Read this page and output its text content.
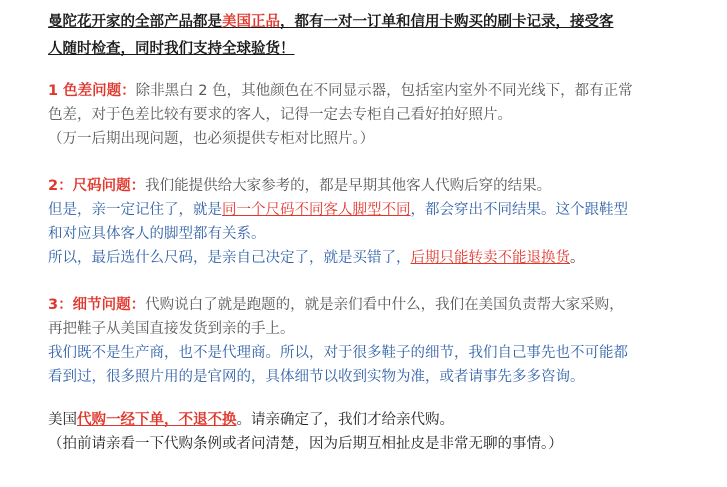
曼陀花开家的全部产品都是美国正品，都有一对一订单和信用卡购买的刷卡记录，接受客
人随时检查，同时我们支持全球验货！
1 色差问题：除非黑白 2 色，其他颜色在不同显示器，包括室内室外不同光线下，都有正常
色差，对于色差比较有要求的客人，记得一定去专柜自己看好拍好照片。
（万一后期出现问题，也必须提供专柜对比照片。）
2：尺码问题：我们能提供给大家参考的，都是早期其他客人代购后穿的结果。
但是，亲一定记住了，就是同一个尺码不同客人脚型不同，都会穿出不同结果。这个跟鞋型
和对应具体客人的脚型都有关系。
所以，最后选什么尺码，是亲自己决定了，就是买错了，后期只能转卖不能退换货。
3：细节问题：代购说白了就是跑题的，就是亲们看中什么，我们在美国负责帮大家采购，
再把鞋子从美国直接发货到亲的手上。
我们既不是生产商，也不是代理商。所以，对于很多鞋子的细节，我们自己事先也不可能都
看到过，很多照片用的是官网的，具体细节以收到实物为准，或者请事先多多咨询。
美国代购一经下单，不退不换。请亲确定了，我们才给亲代购。
（拍前请亲看一下代购条例或者问清楚，因为后期互相扯皮是非常无聊的事情。）
